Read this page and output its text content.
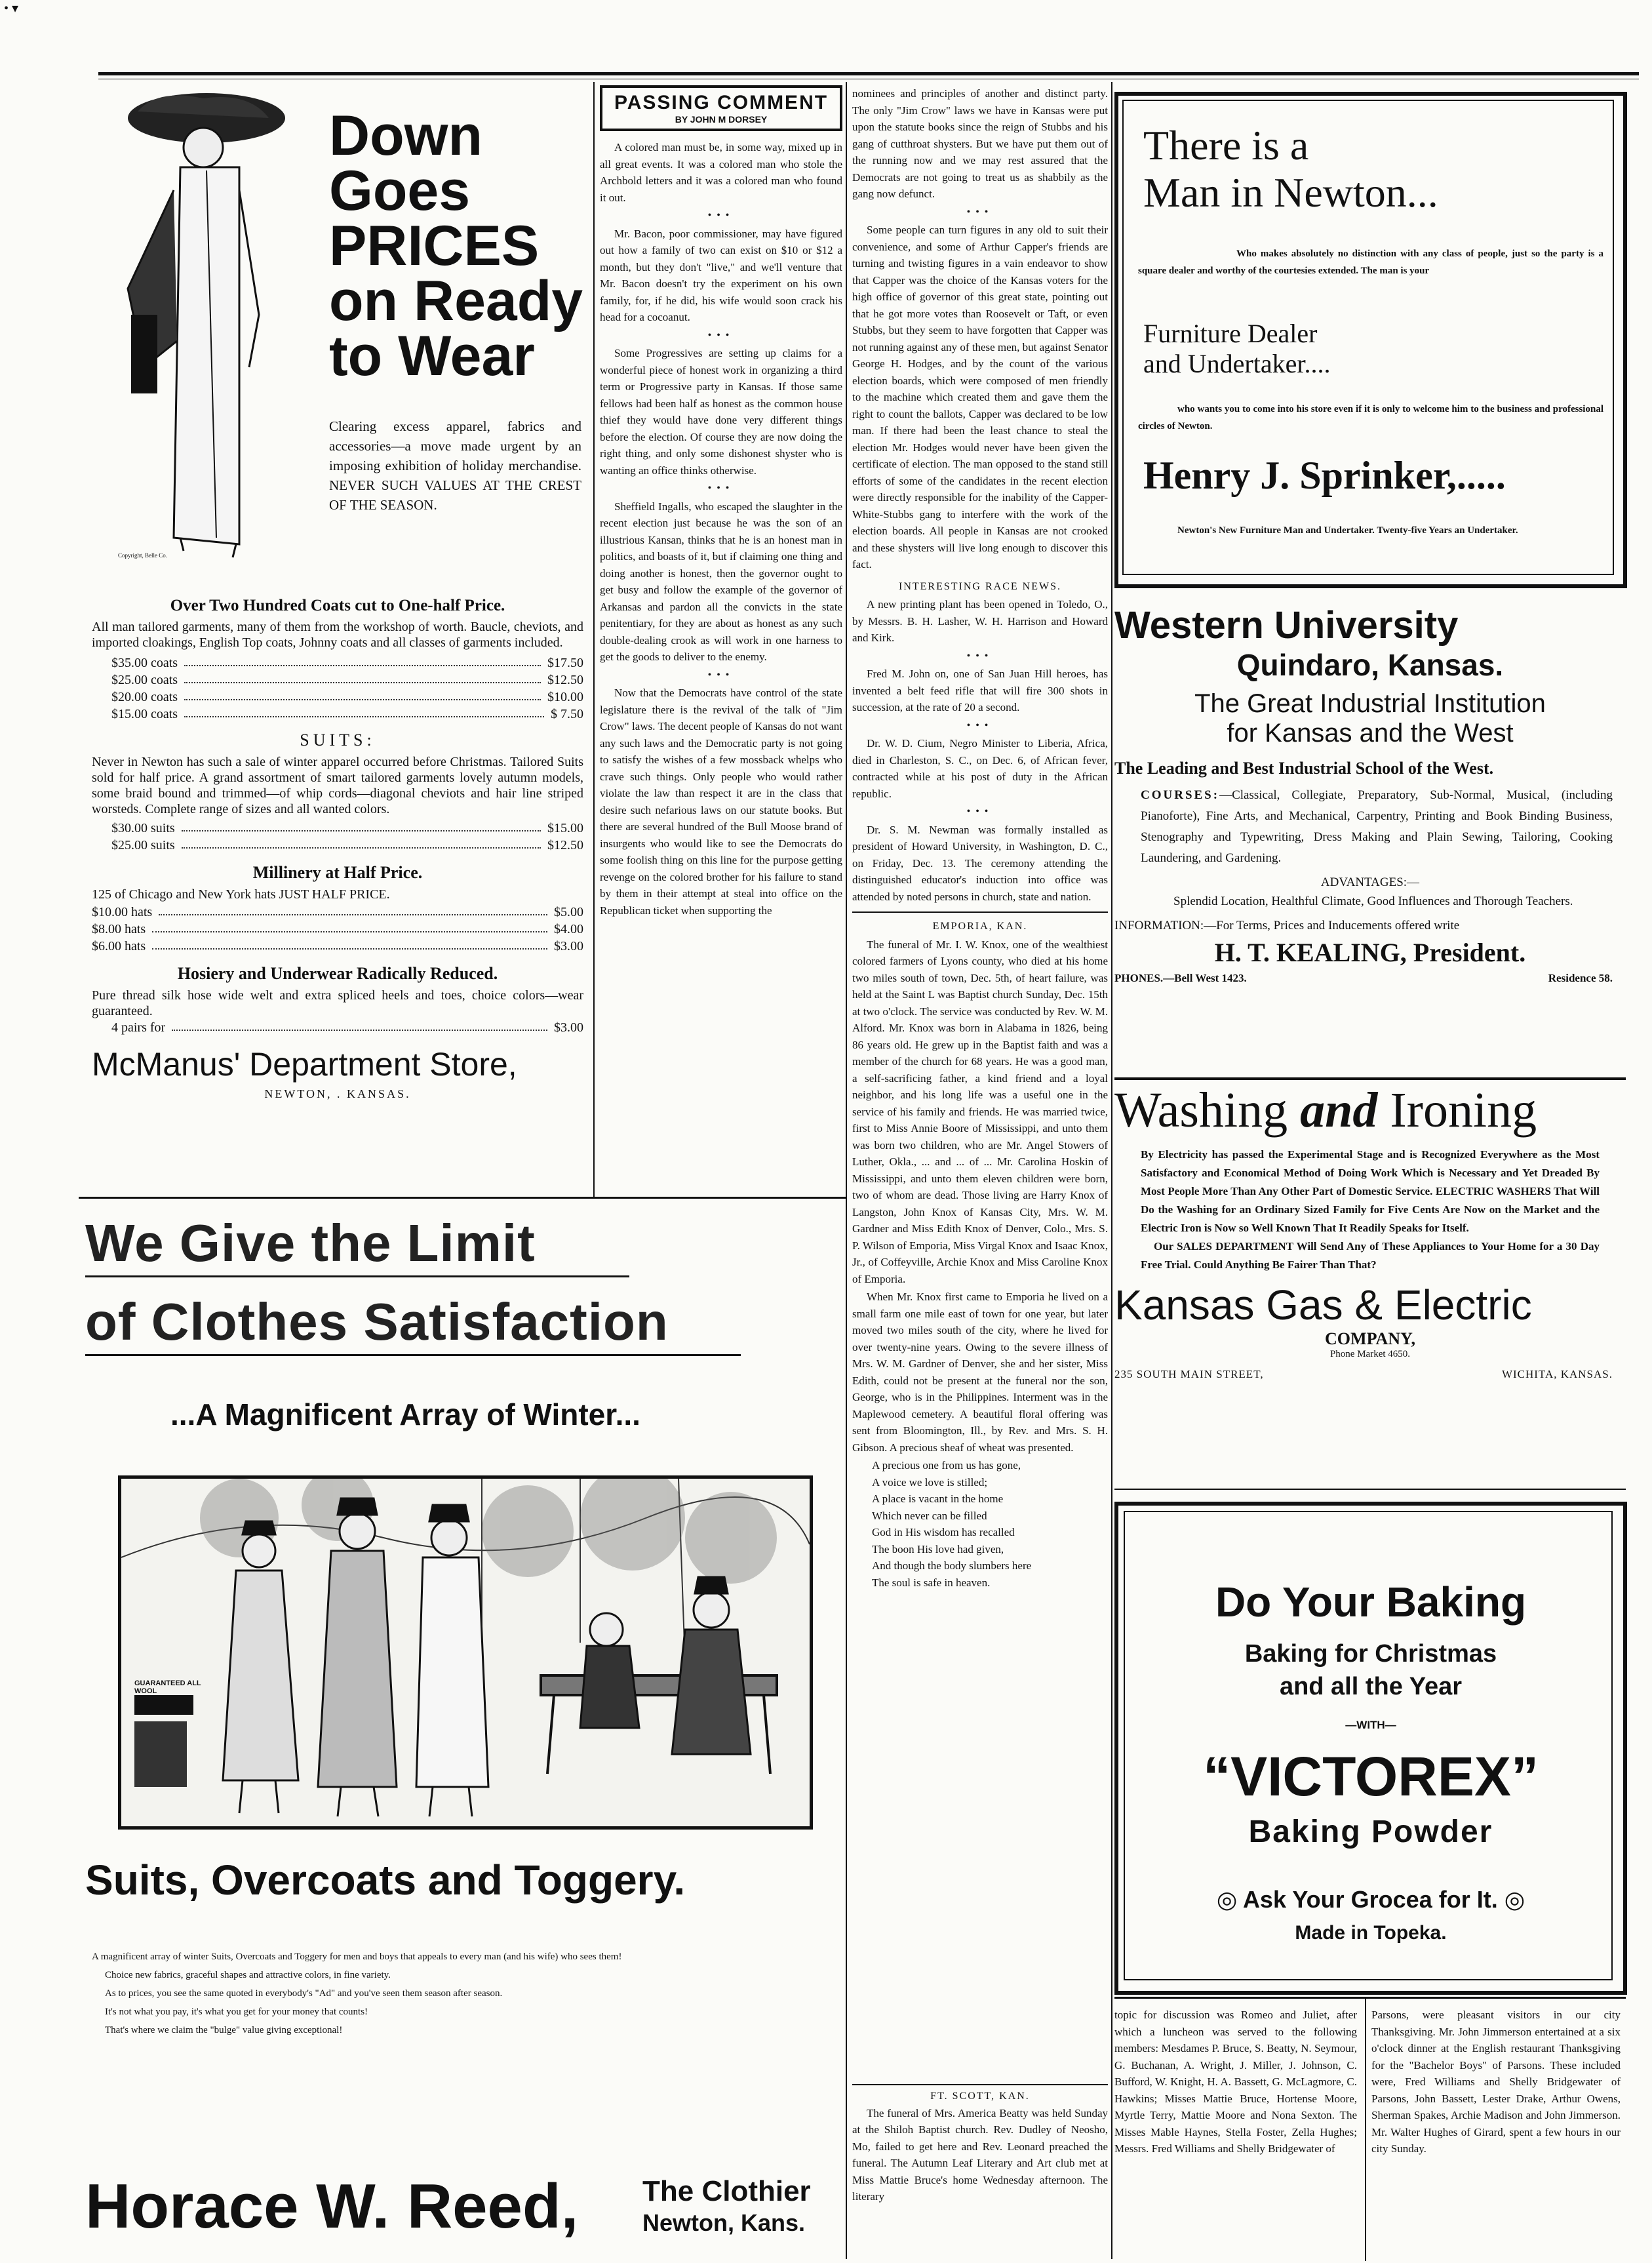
• ▾
Copyright, Belle Co.
Down
Goes
PRICES
on Ready
to Wear
Clearing excess apparel, fabrics and accessories—a move made urgent by an imposing exhibition of holiday merchandise. NEVER SUCH VALUES AT THE CREST OF THE SEASON.
Over Two Hundred Coats cut to One-half Price.
All man tailored garments, many of them from the workshop of worth. Baucle, cheviots, and imported cloakings, English Top coats, Johnny coats and all classes of garments included.
$35.00 coats	$17.50
$25.00 coats	$12.50
$20.00 coats	$10.00
$15.00 coats	$ 7.50
SUITS:
Never in Newton has such a sale of winter apparel occurred before Christmas. Tailored Suits sold for half price. A grand assortment of smart tailored garments lovely autumn models, some braid bound and trimmed—of whip cords—diagonal cheviots and hair line striped worsteds. Complete range of sizes and all wanted colors.
$30.00 suits	$15.00
$25.00 suits	$12.50
Millinery at Half Price.
125 of Chicago and New York hats JUST HALF PRICE.
$10.00 hats	$5.00
$8.00 hats	$4.00
$6.00 hats	$3.00
Hosiery and Underwear Radically Reduced.
Pure thread silk hose wide welt and extra spliced heels and toes, choice colors—wear guaranteed.
4 pairs for	$3.00
McManus' Department Store,
NEWTON, . KANSAS.
PASSING COMMENT
BY JOHN M DORSEY

A colored man must be, in some way, mixed up in all great events. It was a colored man who stole the Archbold letters and it was a colored man who found it out.

•••

Mr. Bacon, poor commissioner, may have figured out how a family of two can exist on $10 or $12 a month, but they don't "live," and we'll venture that Mr. Bacon doesn't try the experiment on his own family, for, if he did, his wife would soon crack his head for a cocoanut.

•••

Some Progressives are setting up claims for a wonderful piece of honest work in organizing a third term or Progressive party in Kansas. If those same fellows had been half as honest as the common house thief they would have done very different things before the election. Of course they are now doing the right thing, and only some dishonest shyster who is wanting an office thinks otherwise.

•••

Sheffield Ingalls, who escaped the slaughter in the recent election just because he was the son of an illustrious Kansan, thinks that he is an honest man in politics, and boasts of it, but if claiming one thing and doing another is honest, then the governor ought to get busy and follow the example of the governor of Arkansas and pardon all the convicts in the state penitentiary, for they are about as honest as any such double-dealing crook as will work in one harness to get the goods to deliver to the enemy.

•••

Now that the Democrats have control of the state legislature there is the revival of the talk of "Jim Crow" laws. The decent people of Kansas do not want any such laws and the Democratic party is not going to satisfy the wishes of a few mossback whelps who crave such things. Only people who would rather violate the law than respect it are in the class that desire such nefarious laws on our statute books. But there are several hundred of the Bull Moose brand of insurgents who would like to see the Democrats do some foolish thing on this line for the purpose getting revenge on the colored brother for his failure to stand by them in their attempt at steal into office on the Republican ticket when supporting the

nominees and principles of another and distinct party. The only "Jim Crow" laws we have in Kansas were put upon the statute books since the reign of Stubbs and his gang of cutthroat shysters. But we have put them out of the running now and we may rest assured that the Democrats are not going to treat us as shabbily as the gang now defunct.

•••

Some people can turn figures in any old to suit their convenience, and some of Arthur Capper's friends are turning and twisting figures in a vain endeavor to show that Capper was the choice of the Kansas voters for the high office of governor of this great state, pointing out that he got more votes than Roosevelt or Taft, or even Stubbs, but they seem to have forgotten that Capper was not running against any of these men, but against Senator George H. Hodges, and by the count of the various election boards, which were composed of men friendly to the machine which created them and gave them the right to count the ballots, Capper was declared to be low man. If there had been the least chance to steal the election Mr. Hodges would never have been given the certificate of election. The man opposed to the stand still efforts of some of the candidates in the recent election were directly responsible for the inability of the Capper-White-Stubbs gang to interfere with the work of the election boards. All people in Kansas are not crooked and these shysters will live long enough to discover this fact.

INTERESTING RACE NEWS.

A new printing plant has been opened in Toledo, O., by Messrs. B. H. Lasher, W. H. Harrison and Howard and Kirk.

•••

Fred M. John on, one of San Juan Hill heroes, has invented a belt feed rifle that will fire 300 shots in succession, at the rate of 20 a second.

•••

Dr. W. D. Cium, Negro Minister to Liberia, Africa, died in Charleston, S. C., on Dec. 6, of African fever, contracted while at his post of duty in the African republic.

•••

Dr. S. M. Newman was formally installed as president of Howard University, in Washington, D. C., on Friday, Dec. 13. The ceremony attending the distinguished educator's induction into office was attended by noted persons in church, state and nation.

EMPORIA, KAN.

The funeral of Mr. I. W. Knox, one of the wealthiest colored farmers of Lyons county, who died at his home two miles south of town, Dec. 5th, of heart failure, was held at the Saint L was Baptist church Sunday, Dec. 15th at two o'clock. The service was conducted by Rev. W. M. Alford. Mr. Knox was born in Alabama in 1826, being 86 years old. He grew up in the Baptist faith and was a member of the church for 68 years. He was a good man, a self-sacrificing father, a kind friend and a loyal neighbor, and his long life was a useful one in the service of his family and friends. He was married twice, first to Miss Annie Boore of Mississippi, and unto them was born two children, who are Mr. Angel Stowers of Luther, Okla., ... and ... of ... Mr. Carolina Hoskin of Mississippi, and unto them eleven children were born, two of whom are dead. Those living are Harry Knox of Langston, John Knox of Kansas City, Mrs. W. M. Gardner and Miss Edith Knox of Denver, Colo., Mrs. S. P. Wilson of Emporia, Miss Virgal Knox and Isaac Knox, Jr., of Coffeyville, Archie Knox and Miss Caroline Knox of Emporia.

When Mr. Knox first came to Emporia he lived on a small farm one mile east of town for one year, but later moved two miles south of the city, where he lived for over twenty-nine years. Owing to the severe illness of Mrs. W. M. Gardner of Denver, she and her sister, Miss Edith, could not be present at the funeral nor the son, George, who is in the Philippines. Interment was in the Maplewood cemetery. A beautiful floral offering was sent from Bloomington, Ill., by Rev. and Mrs. S. H. Gibson. A precious sheaf of wheat was presented.

A precious one from us has gone,
A voice we love is stilled;
A place is vacant in the home
Which never can be filled
God in His wisdom has recalled
The boon His love had given,
And though the body slumbers here
The soul is safe in heaven.
FT. SCOTT, KAN.

The funeral of Mrs. America Beatty was held Sunday at the Shiloh Baptist church. Rev. Dudley of Neosho, Mo, failed to get here and Rev. Leonard preached the funeral. The Autumn Leaf Literary and Art club met at Miss Mattie Bruce's home Wednesday afternoon. The literary

We Give the Limit
of Clothes Satisfaction
...A Magnificent Array of Winter...
GUARANTEED ALL WOOL
Suits, Overcoats and Toggery.
A magnificent array of winter Suits, Overcoats and Toggery for men and boys that appeals to every man (and his wife) who sees them!
Choice new fabrics, graceful shapes and attractive colors, in fine variety.
As to prices, you see the same quoted in everybody's "Ad" and you've seen them season after season.
It's not what you pay, it's what you get for your money that counts!
That's where we claim the "bulge" value giving exceptional!
Horace W. Reed, The Clothier
Newton, Kans.
There is a
Man in Newton...
Who makes absolutely no distinction with any class of people, just so the party is a square dealer and worthy of the courtesies extended. The man is your
Furniture Dealer
and Undertaker....
who wants you to come into his store even if it is only to welcome him to the business and professional circles of Newton.
Henry J. Sprinker,.....
Newton's New Furniture Man and Undertaker. Twenty-five Years an Undertaker.
Western University
Quindaro, Kansas.
The Great Industrial Institution
for Kansas and the West
The Leading and Best Industrial School of the West.
COURSES:—Classical, Collegiate, Preparatory, Sub-Normal, Musical, (including Pianoforte), Fine Arts, and Mechanical, Carpentry, Printing and Book Binding Business, Stenography and Typewriting, Dress Making and Plain Sewing, Tailoring, Cooking Laundering, and Gardening.
ADVANTAGES:—
Splendid Location, Healthful Climate, Good Influences and Thorough Teachers.
INFORMATION:—For Terms, Prices and Inducements offered write
H. T. KEALING, President.
PHONES.—Bell West 1423.	Residence 58.
Washing and Ironing
By Electricity has passed the Experimental Stage and is Recognized Everywhere as the Most Satisfactory and Economical Method of Doing Work Which is Necessary and Yet Dreaded By Most People More Than Any Other Part of Domestic Service. ELECTRIC WASHERS That Will Do the Washing for an Ordinary Sized Family for Five Cents Are Now on the Market and the Electric Iron is Now so Well Known That It Readily Speaks for Itself.
Our SALES DEPARTMENT Will Send Any of These Appliances to Your Home for a 30 Day Free Trial. Could Anything Be Fairer Than That?
Kansas Gas & Electric
COMPANY,
Phone Market 4650.
235 SOUTH MAIN STREET,	WICHITA, KANSAS.
Do Your Baking
Baking for Christmas
and all the Year
—WITH—
“VICTOREX”
Baking Powder
◎ Ask Your Grocea for It. ◎
Made in Topeka.

topic for discussion was Romeo and Juliet, after which a luncheon was served to the following members: Mesdames P. Bruce, S. Beatty, N. Seymour, G. Buchanan, A. Wright, J. Miller, J. Johnson, C. Bufford, W. Knight, H. A. Bassett, G. McLagmore, C. Hawkins; Misses Mattie Bruce, Hortense Moore, Myrtle Terry, Mattie Moore and Nona Sexton. The Misses Mable Haynes, Stella Foster, Zella Hughes; Messrs. Fred Williams and Shelly Bridgewater of

Parsons, were pleasant visitors in our city Thanksgiving. Mr. John Jimmerson entertained at a six o'clock dinner at the English restaurant Thanksgiving for the "Bachelor Boys" of Parsons. These included were, Fred Williams and Shelly Bridgewater of Parsons, John Bassett, Lester Drake, Arthur Owens, Sherman Spakes, Archie Madison and John Jimmerson. Mr. Walter Hughes of Girard, spent a few hours in our city Sunday.
